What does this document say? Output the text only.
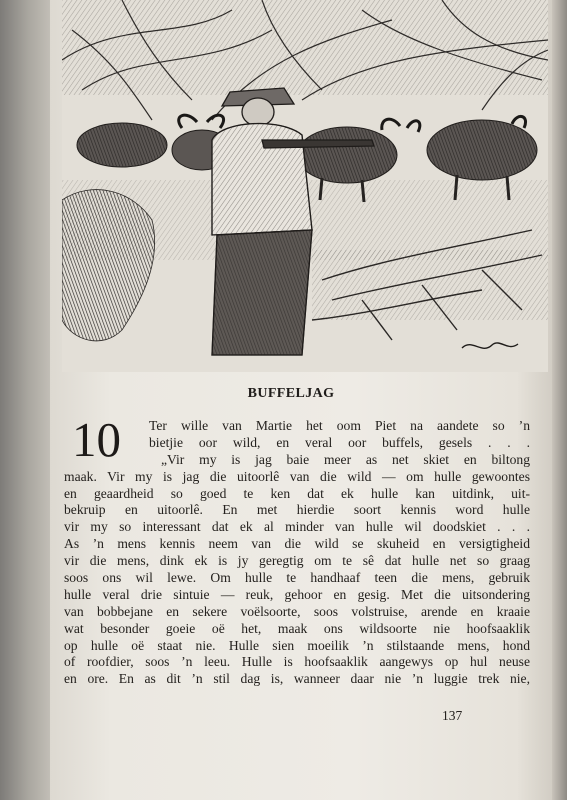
BUFFELJAG
10	Ter wille van Martie het oom Piet na aandete so ’n
bietjie oor wild, en veral oor buffels, gesels . . .
„Vir my is jag baie meer as net skiet en biltong
maak. Vir my is jag die uitoorlê van die wild — om hulle gewoontes
en geaardheid so goed te ken dat ek hulle kan uitdink, uit-
bekruip en uitoorlê. En met hierdie soort kennis word hulle
vir my so interessant dat ek al minder van hulle wil doodskiet . . .
As ’n mens kennis neem van die wild se skuheid en versigtigheid
vir die mens, dink ek is jy geregtig om te sê dat hulle net so graag
soos ons wil lewe. Om hulle te handhaaf teen die mens, gebruik
hulle veral drie sintuie — reuk, gehoor en gesig. Met die uitsondering
van bobbejane en sekere voëlsoorte, soos volstruise, arende en kraaie
wat besonder goeie oë het, maak ons wildsoorte nie hoofsaaklik
op hulle oë staat nie. Hulle sien moeilik ’n stilstaande mens, hond
of roofdier, soos ’n leeu. Hulle is hoofsaaklik aangewys op hul neuse
en ore. En as dit ’n stil dag is, wanneer daar nie ’n luggie trek nie,
137
